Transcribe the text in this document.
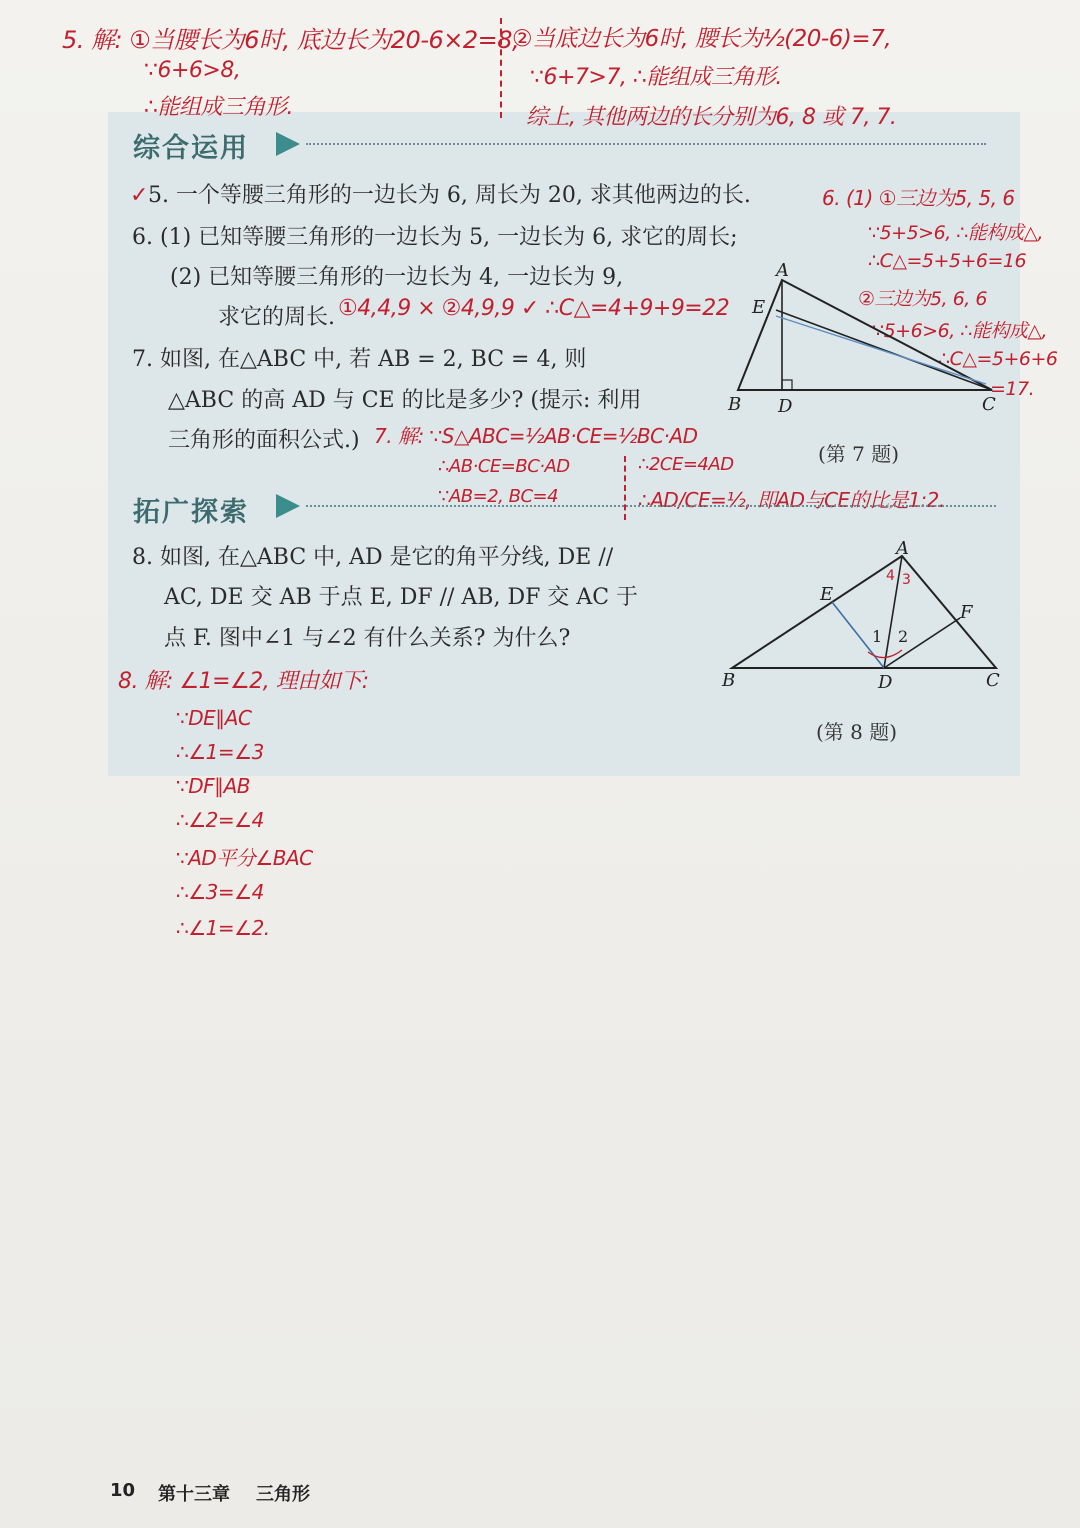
5. 解: ①当腰长为6时, 底边长为20-6×2=8,
∵6+6>8,
∴能组成三角形.
②当底边长为6时, 腰长为½(20-6)=7,
∵6+7>7, ∴能组成三角形.
综上, 其他两边的长分别为6, 8 或 7, 7.
综合运用
✓5. 一个等腰三角形的一边长为 6, 周长为 20, 求其他两边的长.
6. (1) 已知等腰三角形的一边长为 5, 一边长为 6, 求它的周长;
(2) 已知等腰三角形的一边长为 4, 一边长为 9,
求它的周长. ①4,4,9 × ②4,9,9 ✓ ∴C△=4+9+9=22
6. (1) ①三边为5, 5, 6
∵5+5>6, ∴能构成△,
∴C△=5+5+6=16
②三边为5, 6, 6
∵5+6>6, ∴能构成△,
∴C△=5+6+6
=17.
7. 如图, 在△ABC 中, 若 AB = 2, BC = 4, 则
△ABC 的高 AD 与 CE 的比是多少? (提示: 利用
三角形的面积公式.) 7. 解: ∵S△ABC=½AB·CE=½BC·AD
∴AB·CE=BC·AD
∵AB=2, BC=4
∴2CE=4AD
∴AD/CE=½, 即AD与CE的比是1:2.
A
E
B D	C
(第 7 题)
拓广探索
8. 如图, 在△ABC 中, AD 是它的角平分线, DE //
AC, DE 交 AB 于点 E, DF // AB, DF 交 AC 于
点 F. 图中∠1 与∠2 有什么关系? 为什么?
8. 解: ∠1=∠2, 理由如下:
∵DE∥AC
∴∠1=∠3
∵DF∥AB
∴∠2=∠4
∵AD平分∠BAC
∴∠3=∠4
∴∠1=∠2.
A
E
F
B	D	C
1 2
4 3
(第 8 题)
10 第十三章 三角形
